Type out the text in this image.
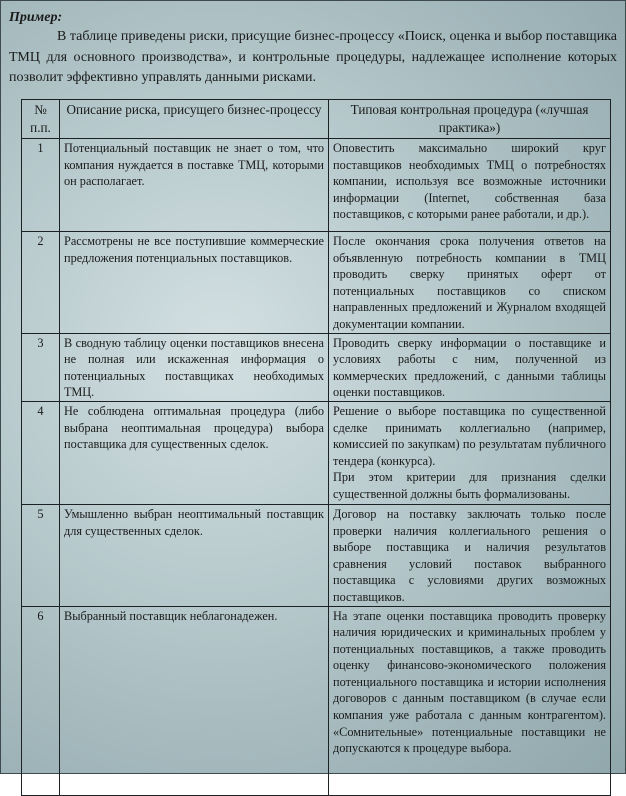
Пример:
В таблице приведены риски, присущие бизнес-процессу «Поиск, оценка и выбор поставщика ТМЦ для основного производства», и контрольные процедуры, надлежащее исполнение которых позволит эффективно управлять данными рисками.
№ п.п.	Описание риска, присущего бизнес-процессу	Типовая контрольная процедура («лучшая практика»)
1	Потенциальный поставщик не знает о том, что компания нуждается в поставке ТМЦ, которыми он располагает.	Оповестить максимально широкий круг поставщиков необходимых ТМЦ о потребностях компании, используя все возможные источники информации (Internet, собственная база поставщиков, с которыми ранее работали, и др.).
2	Рассмотрены не все поступившие коммерческие предложения потенциальных поставщиков.	После окончания срока получения ответов на объявленную потребность компании в ТМЦ проводить сверку принятых оферт от потенциальных поставщиков со списком направленных предложений и Журналом входящей документации компании.
3	В сводную таблицу оценки поставщиков внесена не полная или искаженная информация о потенциальных поставщиках необходимых ТМЦ.	Проводить сверку информации о поставщике и условиях работы с ним, полученной из коммерческих предложений, с данными таблицы оценки поставщиков.
4	Не соблюдена оптимальная процедура (либо выбрана неоптимальная процедура) выбора поставщика для существенных сделок.	Решение о выборе поставщика по существенной сделке принимать коллегиально (например, комиссией по закупкам) по результатам публичного тендера (конкурса).
При этом критерии для признания сделки существенной должны быть формализованы.

5	Умышленно выбран неоптимальный поставщик для существенных сделок.	Договор на поставку заключать только после проверки наличия коллегиального решения о выборе поставщика и наличия результатов сравнения условий поставок выбранного поставщика с условиями других возможных поставщиков.
6	Выбранный поставщик неблагонадежен.	На этапе оценки поставщика проводить проверку наличия юридических и криминальных проблем у потенциальных поставщиков, а также проводить оценку финансово-экономического положения потенциального поставщика и истории исполнения договоров с данным поставщиком (в случае если компания уже работала с данным контрагентом). «Сомнительные» потенциальные поставщики не допускаются к процедуре выбора.
